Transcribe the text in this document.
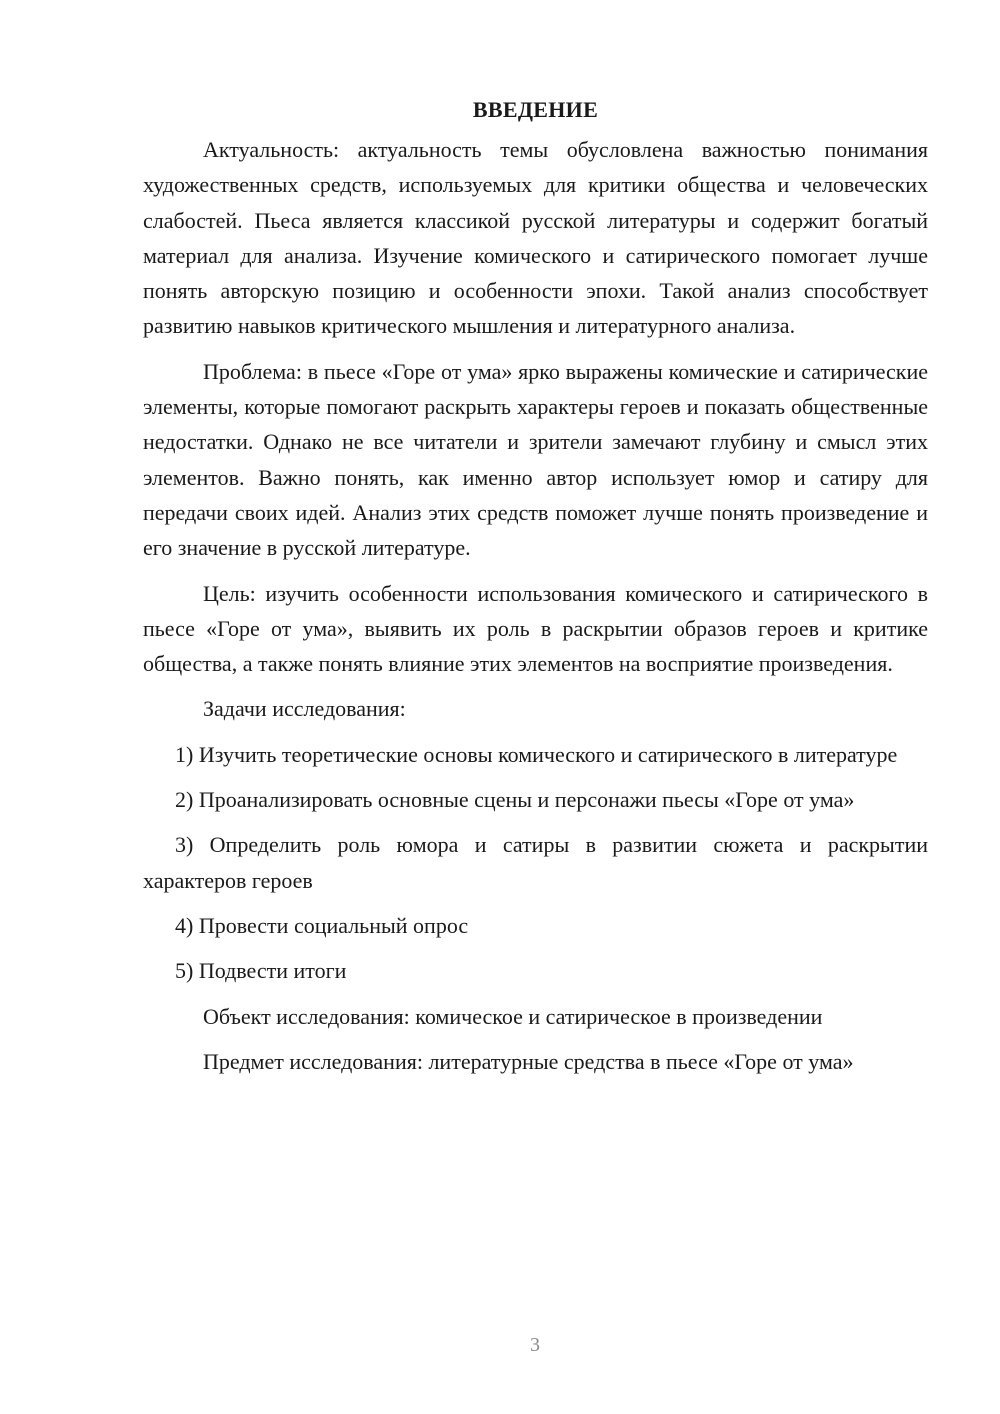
ВВЕДЕНИЕ

Актуальность: актуальность темы обусловлена важностью понимания художественных средств, используемых для критики общества и человеческих слабостей. Пьеса является классикой русской литературы и содержит богатый материал для анализа. Изучение комического и сатирического помогает лучше понять авторскую позицию и особенности эпохи. Такой анализ способствует развитию навыков критического мышления и литературного анализа.

Проблема: в пьесе «Горе от ума» ярко выражены комические и сатирические элементы, которые помогают раскрыть характеры героев и показать общественные недостатки. Однако не все читатели и зрители замечают глубину и смысл этих элементов. Важно понять, как именно автор использует юмор и сатиру для передачи своих идей. Анализ этих средств поможет лучше понять произведение и его значение в русской литературе.

Цель: изучить особенности использования комического и сатирического в пьесе «Горе от ума», выявить их роль в раскрытии образов героев и критике общества, а также понять влияние этих элементов на восприятие произведения.

Задачи исследования:

1) Изучить теоретические основы комического и сатирического в литературе

2) Проанализировать основные сцены и персонажи пьесы «Горе от ума»

3) Определить роль юмора и сатиры в развитии сюжета и раскрытии характеров героев

4) Провести социальный опрос

5) Подвести итоги

Объект исследования: комическое и сатирическое в произведении

Предмет исследования: литературные средства в пьесе «Горе от ума»

3
